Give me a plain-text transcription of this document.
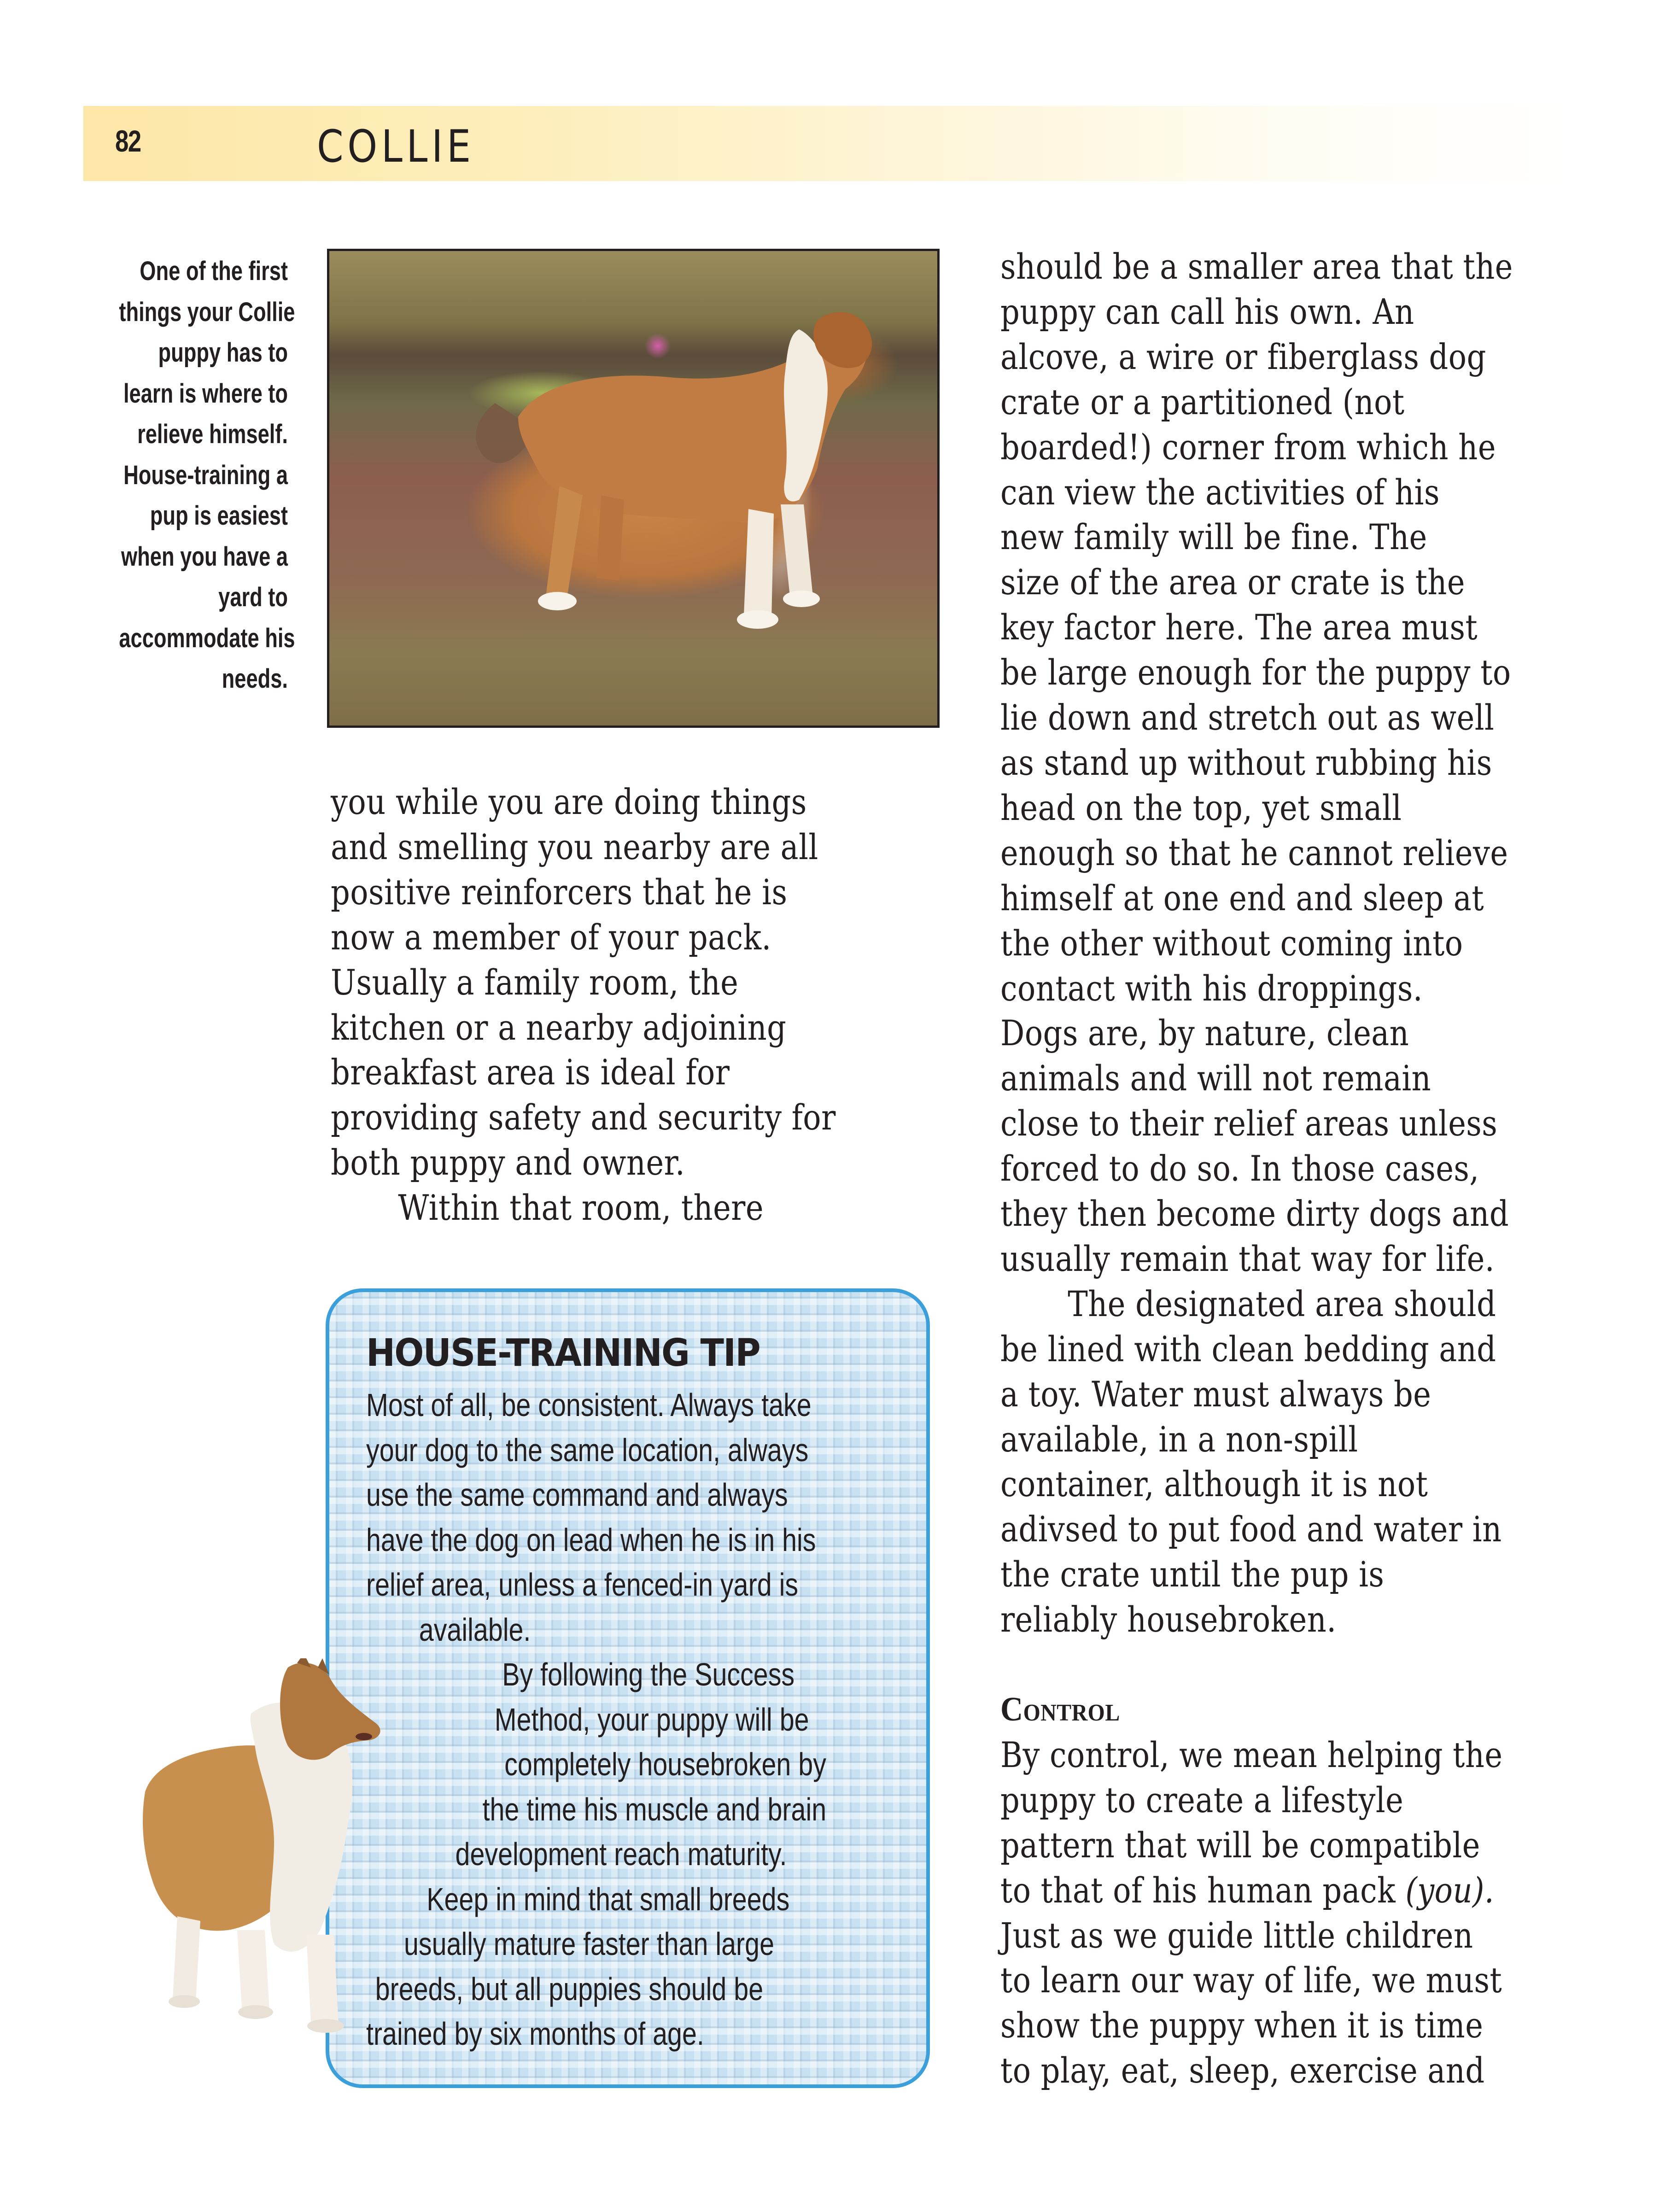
82	COLLIE
One of the first
things your Collie
puppy has to
learn is where to
relieve himself.
House-training a
pup is easiest
when you have a
yard to
accommodate his
needs.
you while you are doing things
and smelling you nearby are all
positive reinforcers that he is
now a member of your pack.
Usually a family room, the
kitchen or a nearby adjoining
breakfast area is ideal for
providing safety and security for
both puppy and owner.
Within that room, there
should be a smaller area that the
puppy can call his own. An
alcove, a wire or fiberglass dog
crate or a partitioned (not
boarded!) corner from which he
can view the activities of his
new family will be fine. The
size of the area or crate is the
key factor here. The area must
be large enough for the puppy to
lie down and stretch out as well
as stand up without rubbing his
head on the top, yet small
enough so that he cannot relieve
himself at one end and sleep at
the other without coming into
contact with his droppings.
Dogs are, by nature, clean
animals and will not remain
close to their relief areas unless
forced to do so. In those cases,
they then become dirty dogs and
usually remain that way for life.
The designated area should
be lined with clean bedding and
a toy. Water must always be
available, in a non-spill
container, although it is not
adivsed to put food and water in
the crate until the pup is
reliably housebroken.
Control
By control, we mean helping the
puppy to create a lifestyle
pattern that will be compatible
to that of his human pack (you).
Just as we guide little children
to learn our way of life, we must
show the puppy when it is time
to play, eat, sleep, exercise and
HOUSE-TRAINING TIP
Most of all, be consistent. Always take
your dog to the same location, always
use the same command and always
have the dog on lead when he is in his
relief area, unless a fenced-in yard is
available.
By following the Success
Method, your puppy will be
completely housebroken by
the time his muscle and brain
development reach maturity.
Keep in mind that small breeds
usually mature faster than large
breeds, but all puppies should be
trained by six months of age.
